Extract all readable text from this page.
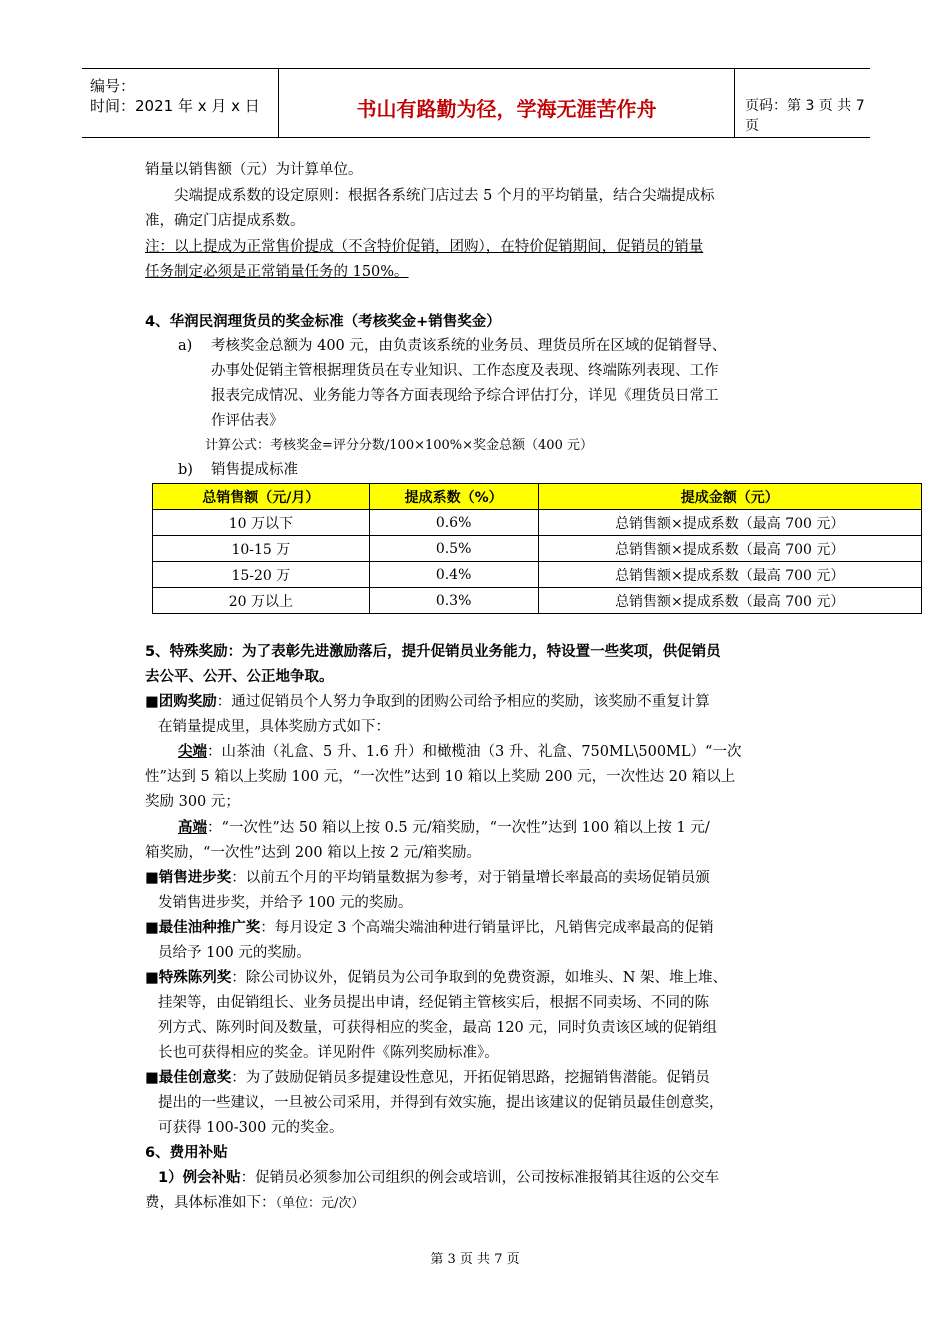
编号：
时间：2021 年 x 月 x 日	书山有路勤为径，学海无涯苦作舟	页码：第 3 页 共 7 页
销量以销售额（元）为计算单位。
尖端提成系数的设定原则：根据各系统门店过去 5 个月的平均销量，结合尖端提成标
准，确定门店提成系数。
注：以上提成为正常售价提成（不含特价促销，团购），在特价促销期间，促销员的销量
任务制定必须是正常销量任务的 150%。
4、华润民润理货员的奖金标准（考核奖金+销售奖金）
a) 考核奖金总额为 400 元，由负责该系统的业务员、理货员所在区域的促销督导、
办事处促销主管根据理货员在专业知识、工作态度及表现、终端陈列表现、工作
报表完成情况、业务能力等各方面表现给予综合评估打分，详见《理货员日常工
作评估表》
计算公式：考核奖金=评分分数/100×100%×奖金总额（400 元）
b) 销售提成标准
总销售额（元/月）	提成系数（%）	提成金额（元）
10 万以下	0.6%	总销售额×提成系数（最高 700 元）
10-15 万	0.5%	总销售额×提成系数（最高 700 元）
15-20 万	0.4%	总销售额×提成系数（最高 700 元）
20 万以上	0.3%	总销售额×提成系数（最高 700 元）
5、特殊奖励：为了表彰先进激励落后，提升促销员业务能力，特设置一些奖项，供促销员
去公平、公开、公正地争取。
■团购奖励：通过促销员个人努力争取到的团购公司给予相应的奖励，该奖励不重复计算
在销量提成里，具体奖励方式如下：
尖端：山茶油（礼盒、5 升、1.6 升）和橄榄油（3 升、礼盒、750ML\500ML）“一次
性”达到 5 箱以上奖励 100 元，“一次性”达到 10 箱以上奖励 200 元，一次性达 20 箱以上
奖励 300 元；
高端：“一次性”达 50 箱以上按 0.5 元/箱奖励，“一次性”达到 100 箱以上按 1 元/
箱奖励，“一次性”达到 200 箱以上按 2 元/箱奖励。
■销售进步奖：以前五个月的平均销量数据为参考，对于销量增长率最高的卖场促销员颁
发销售进步奖，并给予 100 元的奖励。
■最佳油种推广奖：每月设定 3 个高端尖端油种进行销量评比，凡销售完成率最高的促销
员给予 100 元的奖励。
■特殊陈列奖：除公司协议外，促销员为公司争取到的免费资源，如堆头、N 架、堆上堆、
挂架等，由促销组长、业务员提出申请，经促销主管核实后，根据不同卖场、不同的陈
列方式、陈列时间及数量，可获得相应的奖金，最高 120 元，同时负责该区域的促销组
长也可获得相应的奖金。详见附件《陈列奖励标准》。
■最佳创意奖：为了鼓励促销员多提建设性意见，开拓促销思路，挖掘销售潜能。促销员
提出的一些建议，一旦被公司采用，并得到有效实施，提出该建议的促销员最佳创意奖，
可获得 100-300 元的奖金。
6、费用补贴
1）例会补贴：促销员必须参加公司组织的例会或培训，公司按标准报销其往返的公交车
费，具体标准如下：（单位：元/次）
第 3 页 共 7 页
